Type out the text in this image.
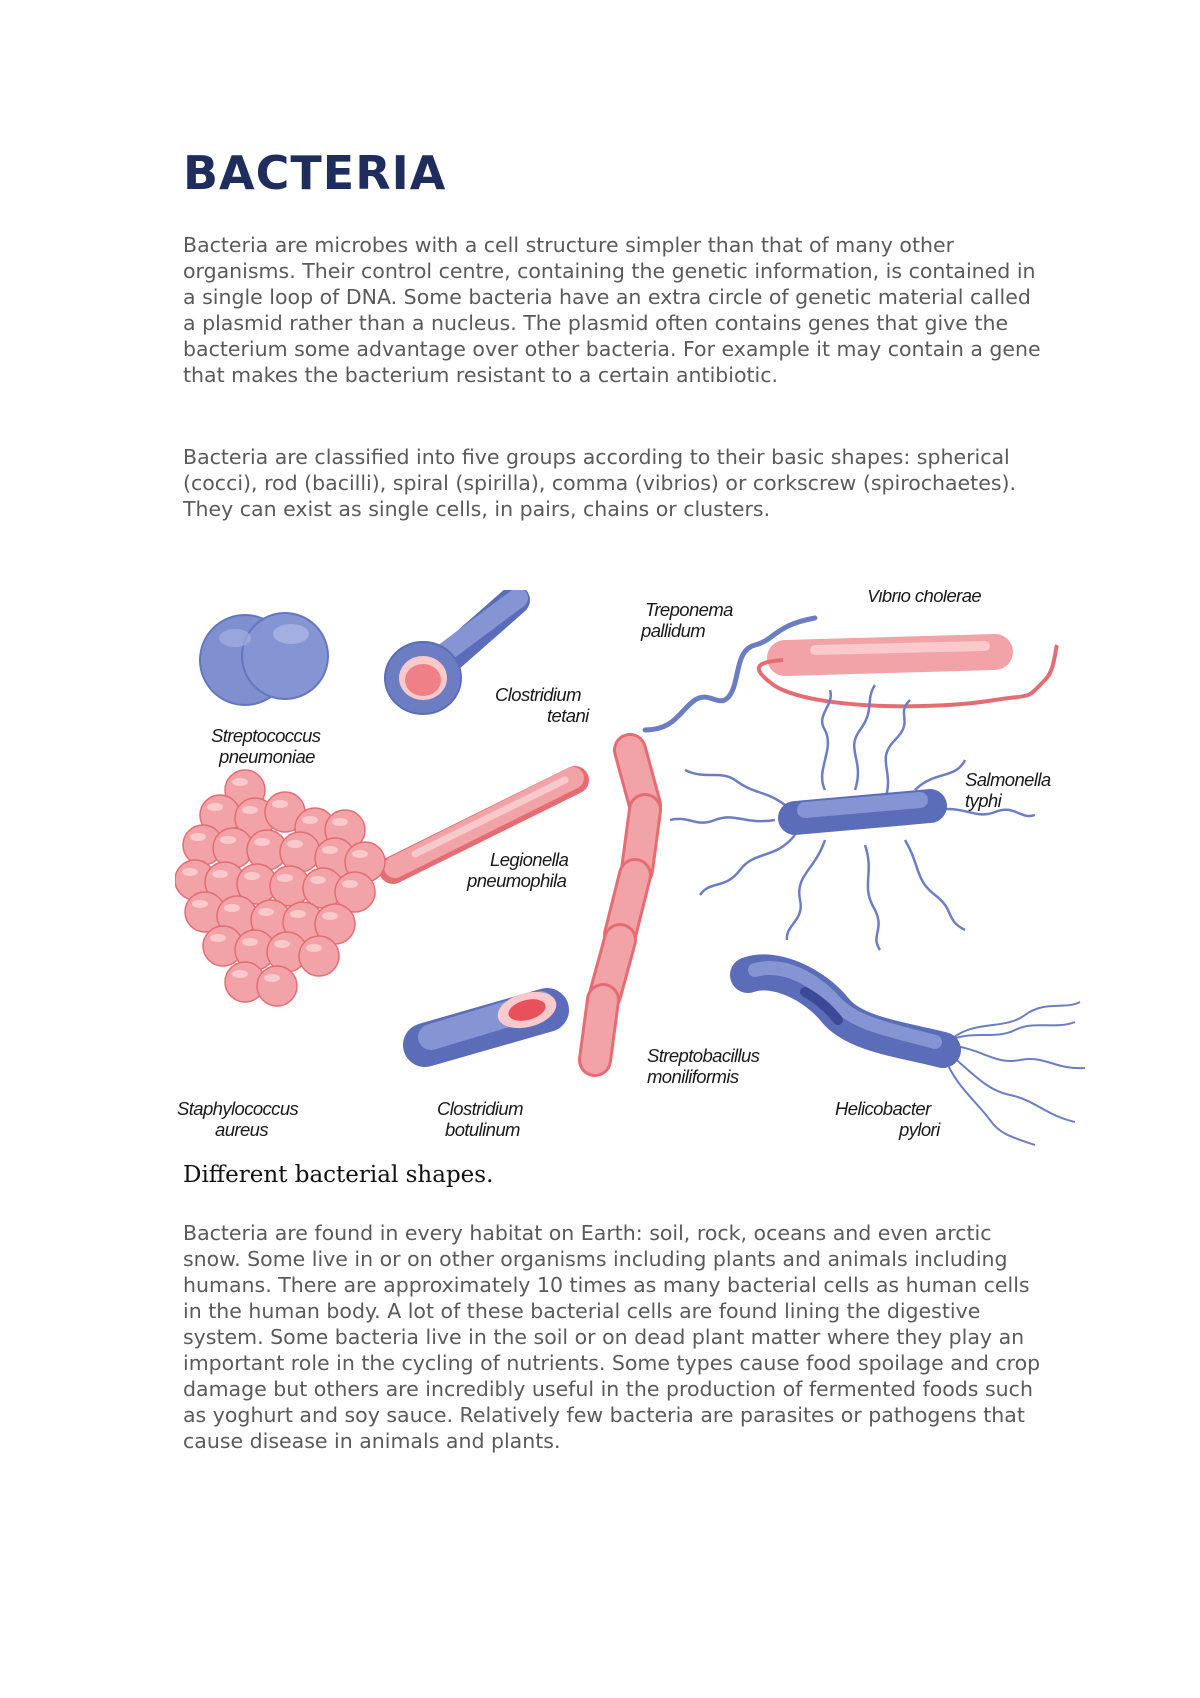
BACTERIA

Bacteria are microbes with a cell structure simpler than that of many other organisms. Their control centre, containing the genetic information, is contained in a single loop of DNA. Some bacteria have an extra circle of genetic material called a plasmid rather than a nucleus. The plasmid often contains genes that give the bacterium some advantage over other bacteria. For example it may contain a gene that makes the bacterium resistant to a certain antibiotic.

Bacteria are classified into five groups according to their basic shapes: spherical (cocci), rod (bacilli), spiral (spirilla), comma (vibrios) or corkscrew (spirochaetes). They can exist as single cells, in pairs, chains or clusters.

Streptococcus
pneumoniae
Clostridium
tetani
Treponema
pallidum
Vibrio cholerae
Salmonella
typhi
Legionella
pneumophila
Staphylococcus
aureus
Clostridium
botulinum
Streptobacillus
moniliformis
Helicobacter
pylori

Different bacterial shapes.

Bacteria are found in every habitat on Earth: soil, rock, oceans and even arctic snow. Some live in or on other organisms including plants and animals including humans. There are approximately 10 times as many bacterial cells as human cells in the human body. A lot of these bacterial cells are found lining the digestive system. Some bacteria live in the soil or on dead plant matter where they play an important role in the cycling of nutrients. Some types cause food spoilage and crop damage but others are incredibly useful in the production of fermented foods such as yoghurt and soy sauce. Relatively few bacteria are parasites or pathogens that cause disease in animals and plants.
